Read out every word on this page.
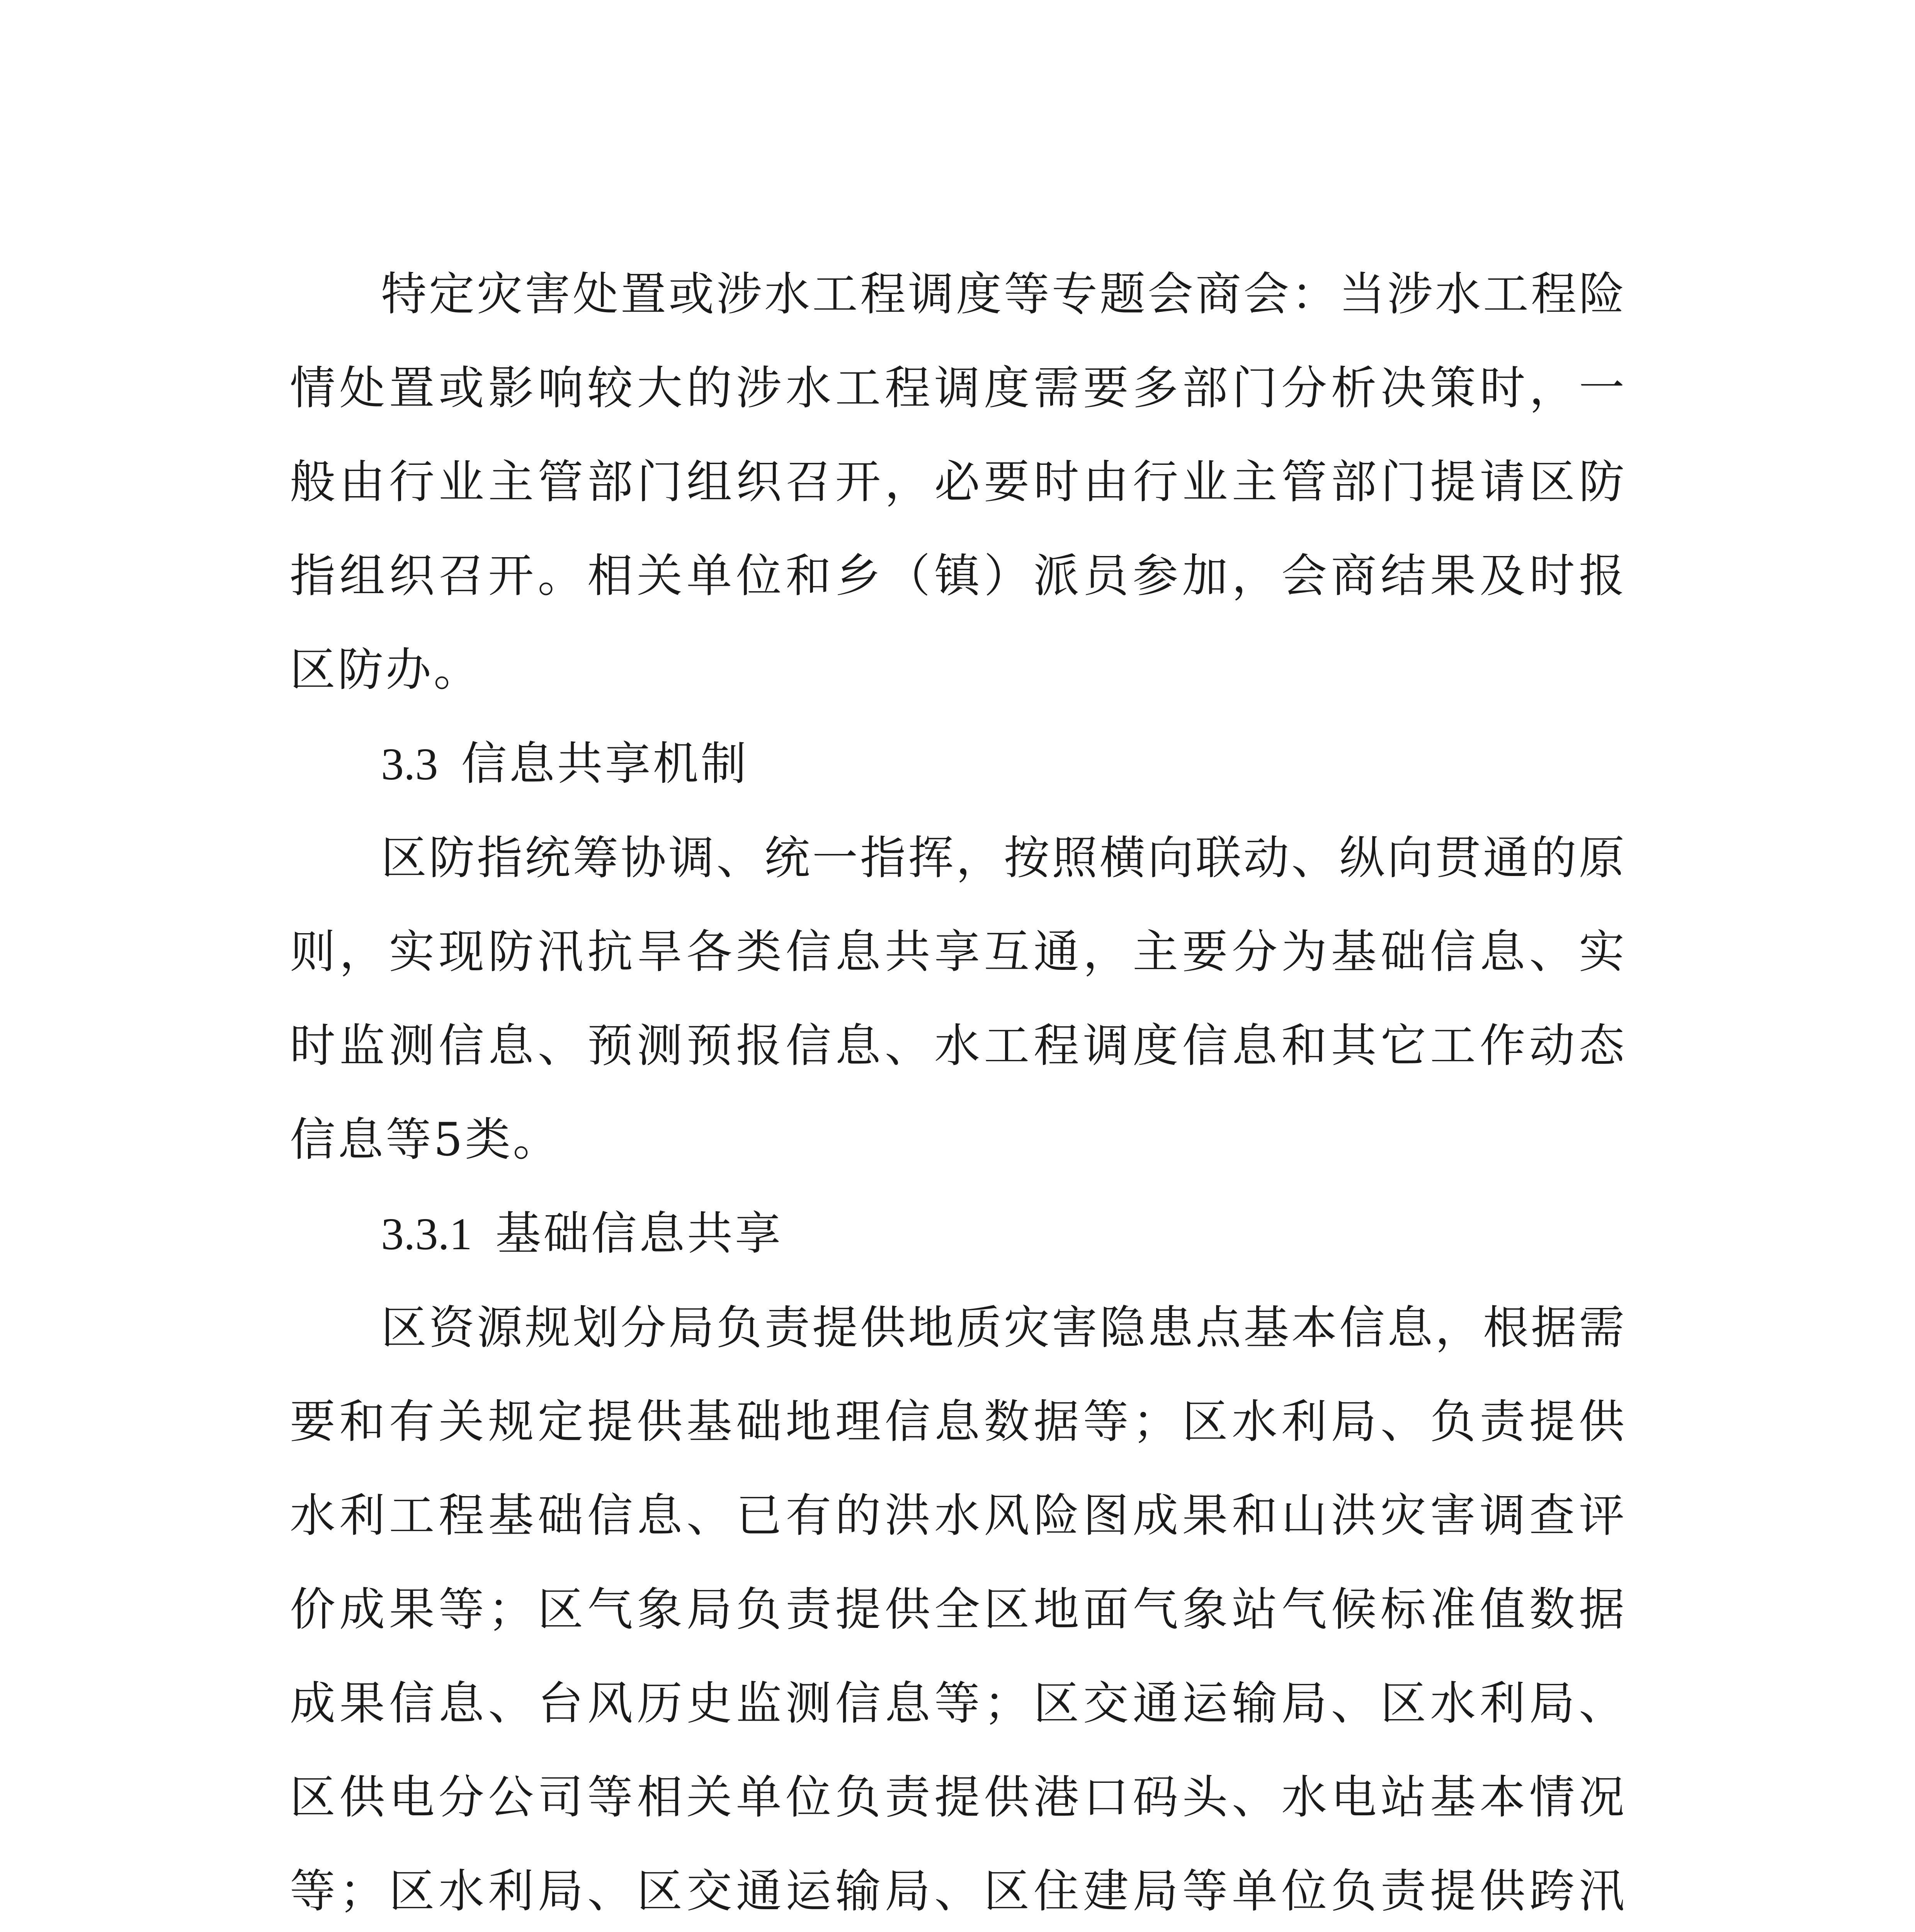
特定灾害处置或涉水工程调度等专题会商会：当涉水工程险情处置或影响较大的涉水工程调度需要多部门分析决策时，一般由行业主管部门组织召开，必要时由行业主管部门提请区防指组织召开。相关单位和乡（镇）派员参加，会商结果及时报区防办。

3.3 信息共享机制

区防指统筹协调、统一指挥，按照横向联动、纵向贯通的原则，实现防汛抗旱各类信息共享互通，主要分为基础信息、实时监测信息、预测预报信息、水工程调度信息和其它工作动态信息等5类。

3.3.1 基础信息共享

区资源规划分局负责提供地质灾害隐患点基本信息，根据需要和有关规定提供基础地理信息数据等；区水利局、负责提供水利工程基础信息、已有的洪水风险图成果和山洪灾害调查评价成果等；区气象局负责提供全区地面气象站气候标准值数据成果信息、台风历史监测信息等；区交通运输局、区水利局、区供电分公司等相关单位负责提供港口码头、水电站基本情况等；区水利局、区交通运输局、区住建局等单位负责提供跨汛
